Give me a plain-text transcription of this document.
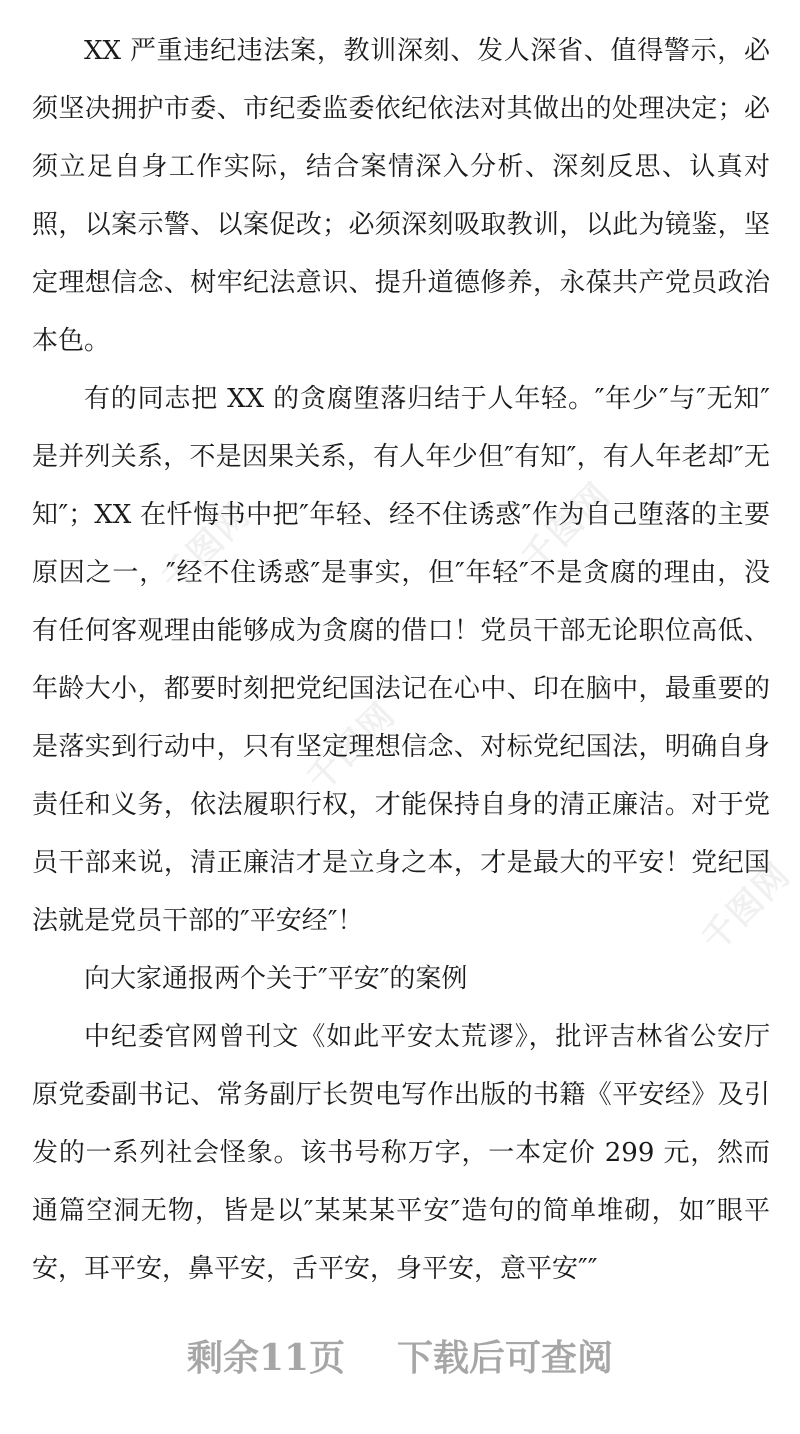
千图网	千图网
千图网
千图网

XX 严重违纪违法案，教训深刻、发人深省、值得警示，必须坚决拥护市委、市纪委监委依纪依法对其做出的处理决定；必须立足自身工作实际，结合案情深入分析、深刻反思、认真对照，以案示警、以案促改；必须深刻吸取教训，以此为镜鉴，坚定理想信念、树牢纪法意识、提升道德修养，永葆共产党员政治本色。

有的同志把 XX 的贪腐堕落归结于人年轻。″年少″与″无知″是并列关系，不是因果关系，有人年少但″有知″，有人年老却″无知″；XX 在忏悔书中把″年轻、经不住诱惑″作为自己堕落的主要原因之一，″经不住诱惑″是事实，但″年轻″不是贪腐的理由，没有任何客观理由能够成为贪腐的借口！党员干部无论职位高低、年龄大小，都要时刻把党纪国法记在心中、印在脑中，最重要的是落实到行动中，只有坚定理想信念、对标党纪国法，明确自身责任和义务，依法履职行权，才能保持自身的清正廉洁。对于党员干部来说，清正廉洁才是立身之本，才是最大的平安！党纪国法就是党员干部的″平安经″！

向大家通报两个关于″平安″的案例

中纪委官网曾刊文《如此平安太荒谬》，批评吉林省公安厅原党委副书记、常务副厅长贺电写作出版的书籍《平安经》及引发的一系列社会怪象。该书号称万字，一本定价 299 元，然而通篇空洞无物，皆是以″某某某平安″造句的简单堆砌，如″眼平安，耳平安，鼻平安，舌平安，身平安，意平安″″

剩余11页 下载后可查阅
